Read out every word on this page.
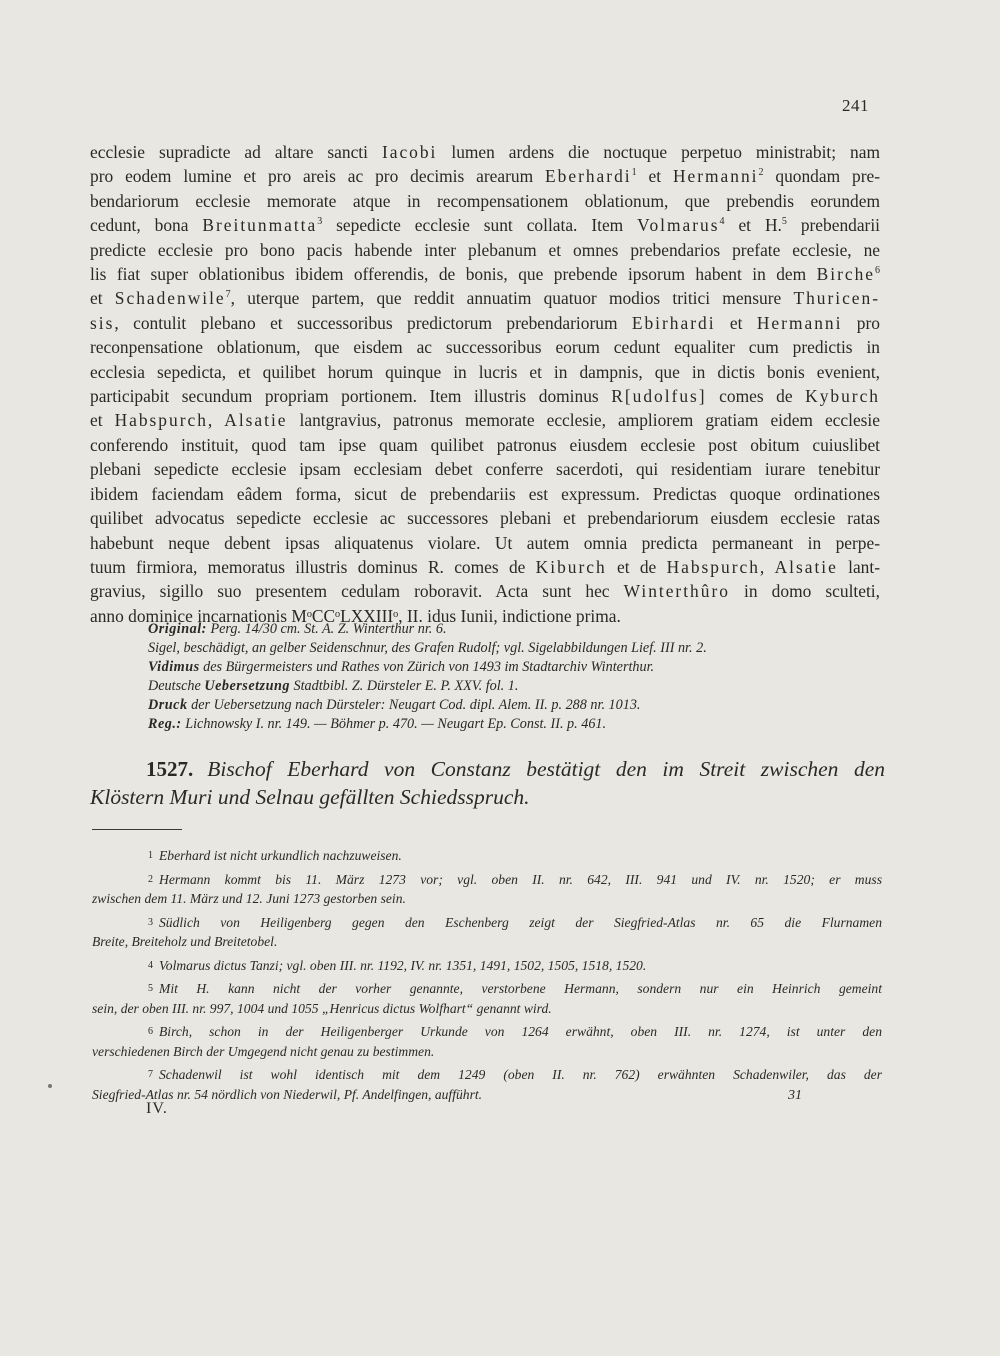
241
ecclesie supradicte ad altare sancti Iacobi lumen ardens die noctuque perpetuo ministrabit; nam
pro eodem lumine et pro areis ac pro decimis arearum Eberhardi$^1$ et Hermanni$^2$ quondam pre-
bendariorum ecclesie memorate atque in recompensationem oblationum, que prebendis eorundem
cedunt, bona Breitunmatta$^3$ sepedicte ecclesie sunt collata. Item Volmarus$^4$ et H.$^5$ prebendarii
predicte ecclesie pro bono pacis habende inter plebanum et omnes prebendarios prefate ecclesie, ne
lis fiat super oblationibus ibidem offerendis, de bonis, que prebende ipsorum habent in dem Birche$^6$
et Schadenwile$^7$, uterque partem, que reddit annuatim quatuor modios tritici mensure Thuricen-
sis, contulit plebano et successoribus predictorum prebendariorum Ebirhardi et Hermanni pro
reconpensatione oblationum, que eisdem ac successoribus eorum cedunt equaliter cum predictis in
ecclesia sepedicta, et quilibet horum quinque in lucris et in dampnis, que in dictis bonis evenient,
participabit secundum propriam portionem. Item illustris dominus R[udolfus] comes de Kyburch
et Habspurch, Alsatie lantgravius, patronus memorate ecclesie, ampliorem gratiam eidem ecclesie
conferendo instituit, quod tam ipse quam quilibet patronus eiusdem ecclesie post obitum cuiuslibet
plebani sepedicte ecclesie ipsam ecclesiam debet conferre sacerdoti, qui residentiam iurare tenebitur
ibidem faciendam eâdem forma, sicut de prebendariis est expressum. Predictas quoque ordinationes
quilibet advocatus sepedicte ecclesie ac successores plebani et prebendariorum eiusdem ecclesie ratas
habebunt neque debent ipsas aliquatenus violare. Ut autem omnia predicta permaneant in perpe-
tuum firmiora, memoratus illustris dominus R. comes de Kiburch et de Habspurch, Alsatie lant-
gravius, sigillo suo presentem cedulam roboravit. Acta sunt hec Winterthûro in domo sculteti,
anno dominice incarnationis MᵒCCᵒLXXIIIᵒ, II. idus Iunii, indictione prima.
Original: Perg. 14/30 cm. St. A. Z. Winterthur nr. 6.
Sigel, beschädigt, an gelber Seidenschnur, des Grafen Rudolf; vgl. Sigelabbildungen Lief. III nr. 2.
Vidimus des Bürgermeisters und Rathes von Zürich von 1493 im Stadtarchiv Winterthur.
Deutsche Uebersetzung Stadtbibl. Z. Dürsteler E. P. XXV. fol. 1.
Druck der Uebersetzung nach Dürsteler: Neugart Cod. dipl. Alem. II. p. 288 nr. 1013.
Reg.: Lichnowsky I. nr. 149. — Böhmer p. 470. — Neugart Ep. Const. II. p. 461.
1527. Bischof Eberhard von Constanz bestätigt den im Streit zwischen den
Klöstern Muri und Selnau gefällten Schiedsspruch.
1 Eberhard ist nicht urkundlich nachzuweisen.
2 Hermann kommt bis 11. März 1273 vor; vgl. oben II. nr. 642, III. 941 und IV. nr. 1520; er muss
zwischen dem 11. März und 12. Juni 1273 gestorben sein.
3 Südlich von Heiligenberg gegen den Eschenberg zeigt der Siegfried-Atlas nr. 65 die Flurnamen
Breite, Breiteholz und Breitetobel.
4 Volmarus dictus Tanzi; vgl. oben III. nr. 1192, IV. nr. 1351, 1491, 1502, 1505, 1518, 1520.
5 Mit H. kann nicht der vorher genannte, verstorbene Hermann, sondern nur ein Heinrich gemeint
sein, der oben III. nr. 997, 1004 und 1055 „Henricus dictus Wolfhart“ genannt wird.
6 Birch, schon in der Heiligenberger Urkunde von 1264 erwähnt, oben III. nr. 1274, ist unter den
verschiedenen Birch der Umgegend nicht genau zu bestimmen.
7 Schadenwil ist wohl identisch mit dem 1249 (oben II. nr. 762) erwähnten Schadenwiler, das der
Siegfried-Atlas nr. 54 nördlich von Niederwil, Pf. Andelfingen, aufführt.
IV.
31
